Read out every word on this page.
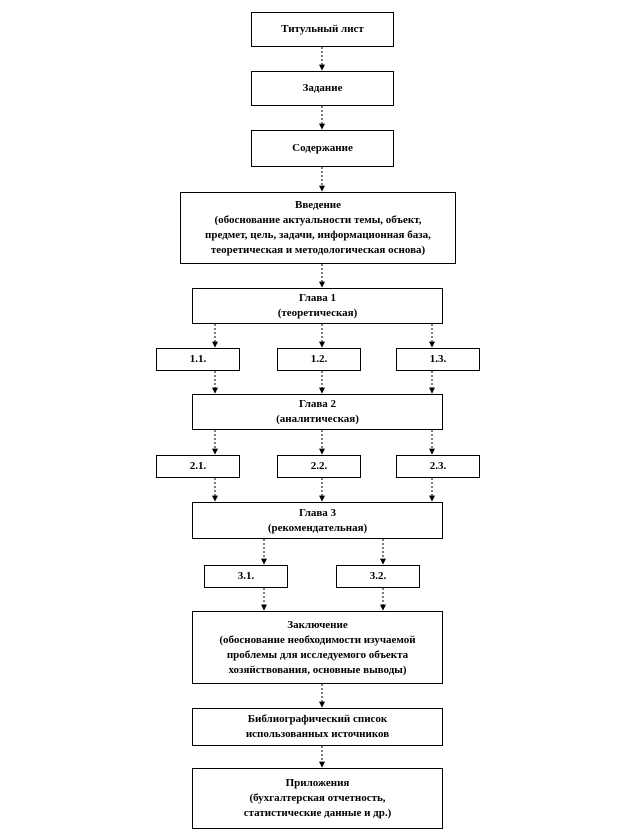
Титульный лист
Задание
Содержание
Введение
(обоснование актуальности темы, объект,
предмет, цель, задачи, информационная база,
теоретическая и методологическая основа)
Глава 1
(теоретическая)
1.1.	1.2.	1.3.
Глава 2
(аналитическая)
2.1.	2.2.	2.3.
Глава 3
(рекомендательная)
3.1.	3.2.
Заключение
(обоснование необходимости изучаемой
проблемы для исследуемого объекта
хозяйствования, основные выводы)
Библиографический список
использованных источников
Приложения
(бухгалтерская отчетность,
статистические данные и др.)
